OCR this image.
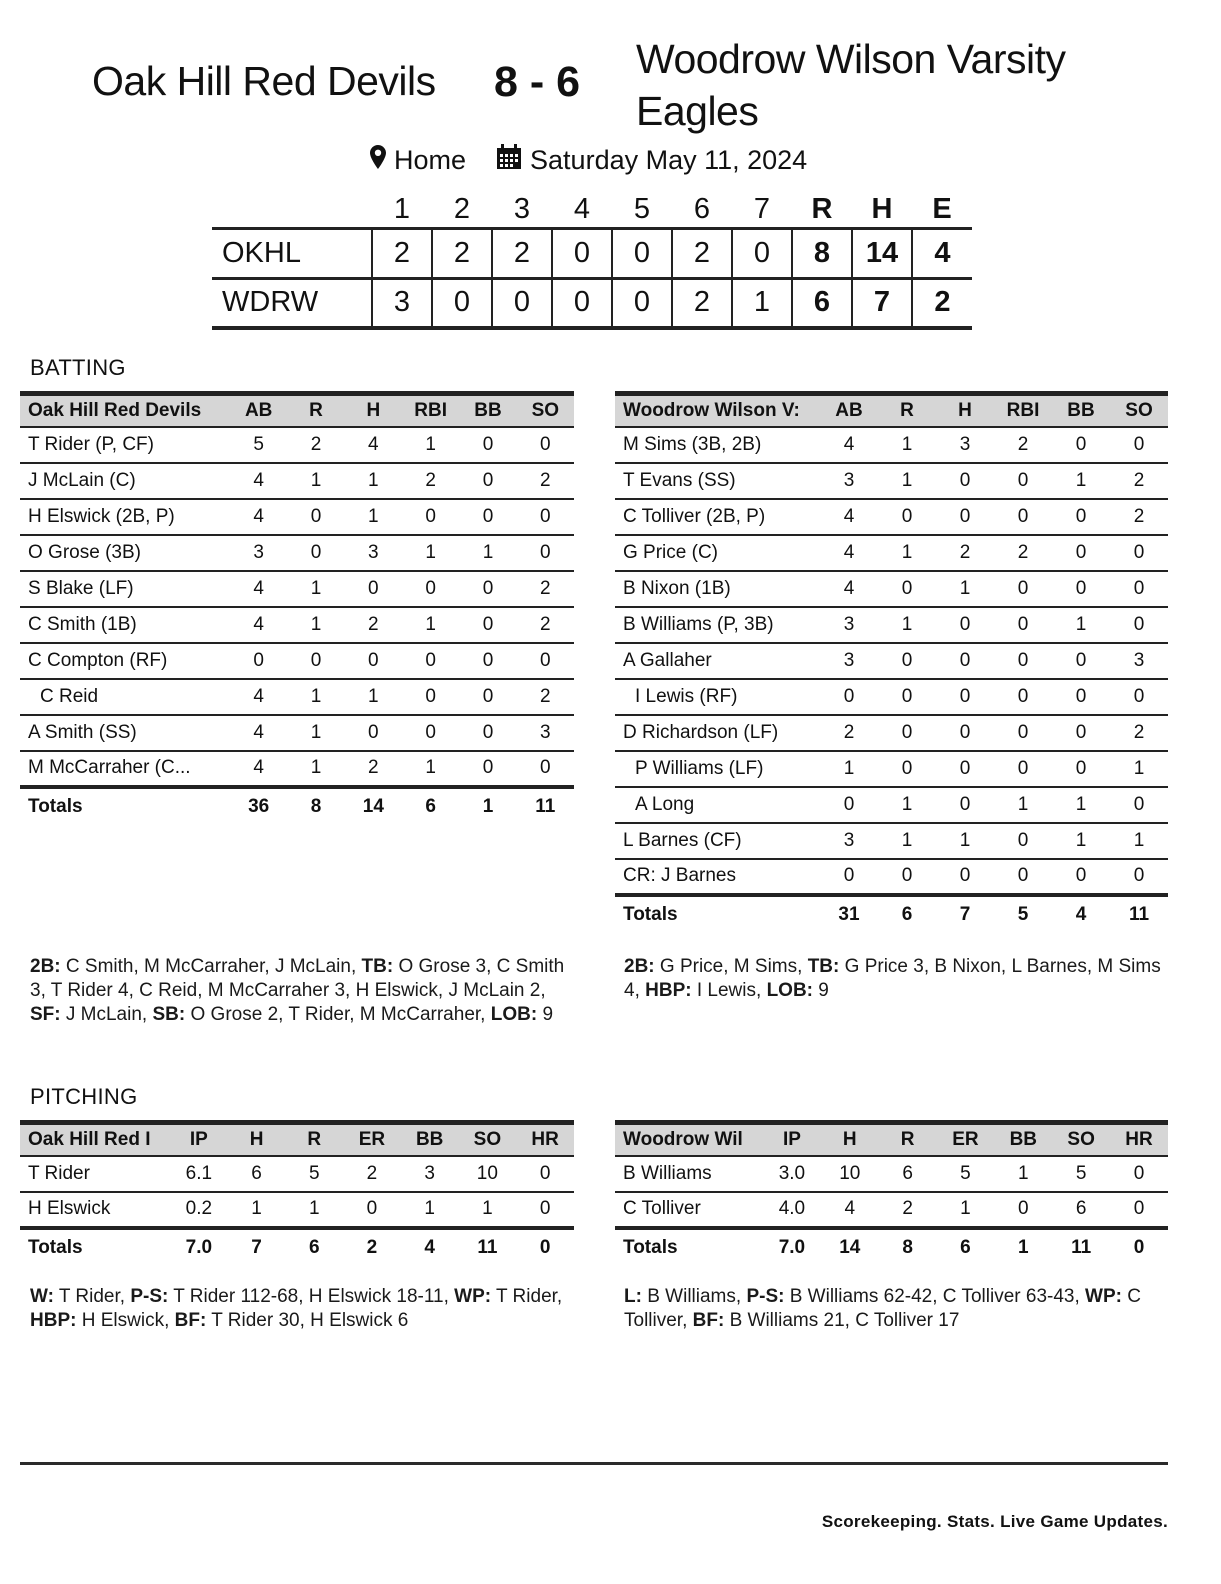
Oak Hill Red Devils 8 - 6 Woodrow Wilson Varsity Eagles
Home Saturday May 11, 2024
	1	2	3	4	5	6	7	R	H	E
OKHL	2	2	2	0	0	2	0	8	14	4
WDRW	3	0	0	0	0	2	1	6	7	2
BATTING
Oak Hill Red Devils	AB	R	H	RBI	BB	SO
T Rider (P, CF)	5	2	4	1	0	0
J McLain (C)	4	1	1	2	0	2
H Elswick (2B, P)	4	0	1	0	0	0
O Grose (3B)	3	0	3	1	1	0
S Blake (LF)	4	1	0	0	0	2
C Smith (1B)	4	1	2	1	0	2
C Compton (RF)	0	0	0	0	0	0
C Reid	4	1	1	0	0	2
A Smith (SS)	4	1	0	0	0	3
M McCarraher (C...	4	1	2	1	0	0
Totals	36	8	14	6	1	11
Woodrow Wilson V:	AB	R	H	RBI	BB	SO
M Sims (3B, 2B)	4	1	3	2	0	0
T Evans (SS)	3	1	0	0	1	2
C Tolliver (2B, P)	4	0	0	0	0	2
G Price (C)	4	1	2	2	0	0
B Nixon (1B)	4	0	1	0	0	0
B Williams (P, 3B)	3	1	0	0	1	0
A Gallaher	3	0	0	0	0	3
I Lewis (RF)	0	0	0	0	0	0
D Richardson (LF)	2	0	0	0	0	2
P Williams (LF)	1	0	0	0	0	1
A Long	0	1	0	1	1	0
L Barnes (CF)	3	1	1	0	1	1
CR: J Barnes	0	0	0	0	0	0
Totals	31	6	7	5	4	11
2B: C Smith, M McCarraher, J McLain, TB: O Grose 3, C Smith 3, T Rider 4, C Reid, M McCarraher 3, H Elswick, J McLain 2, SF: J McLain, SB: O Grose 2, T Rider, M McCarraher, LOB: 9
2B: G Price, M Sims, TB: G Price 3, B Nixon, L Barnes, M Sims 4, HBP: I Lewis, LOB: 9
PITCHING
Oak Hill Red I	IP	H	R	ER	BB	SO	HR
T Rider	6.1	6	5	2	3	10	0
H Elswick	0.2	1	1	0	1	1	0
Totals	7.0	7	6	2	4	11	0
Woodrow Wil	IP	H	R	ER	BB	SO	HR
B Williams	3.0	10	6	5	1	5	0
C Tolliver	4.0	4	2	1	0	6	0
Totals	7.0	14	8	6	1	11	0
W: T Rider, P-S: T Rider 112-68, H Elswick 18-11, WP: T Rider, HBP: H Elswick, BF: T Rider 30, H Elswick 6
L: B Williams, P-S: B Williams 62-42, C Tolliver 63-43, WP: C Tolliver, BF: B Williams 21, C Tolliver 17
Scorekeeping. Stats. Live Game Updates.
